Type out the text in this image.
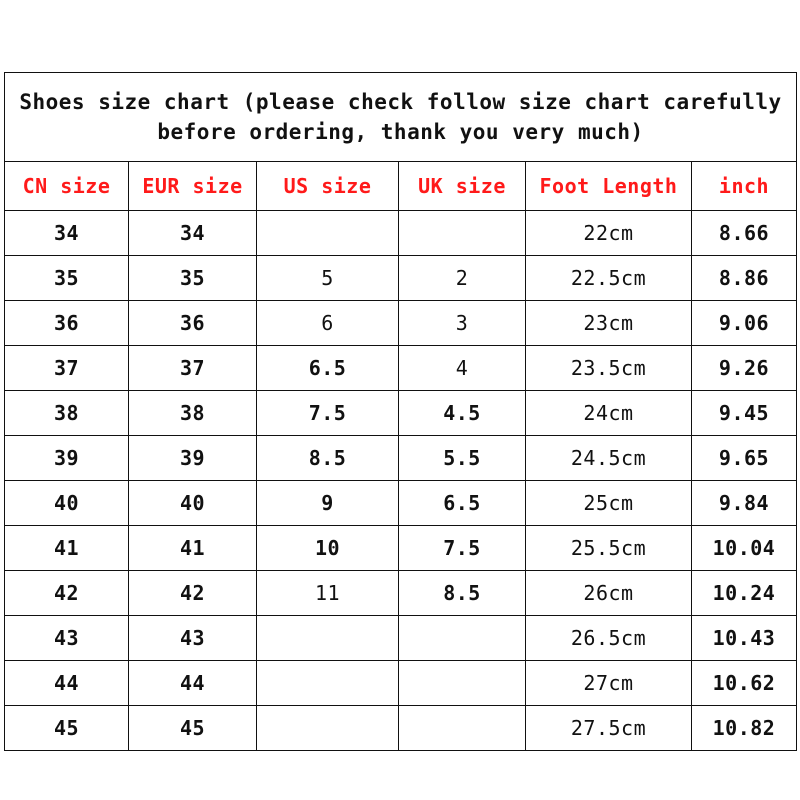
Shoes size chart (please check follow size chart carefully before ordering, thank you very much)					
CN size	EUR size	US size	UK size	Foot Length	inch
34	34			22cm	8.66
35	35	5	2	22.5cm	8.86
36	36	6	3	23cm	9.06
37	37	6.5	4	23.5cm	9.26
38	38	7.5	4.5	24cm	9.45
39	39	8.5	5.5	24.5cm	9.65
40	40	9	6.5	25cm	9.84
41	41	10	7.5	25.5cm	10.04
42	42	11	8.5	26cm	10.24
43	43			26.5cm	10.43
44	44			27cm	10.62
45	45			27.5cm	10.82
